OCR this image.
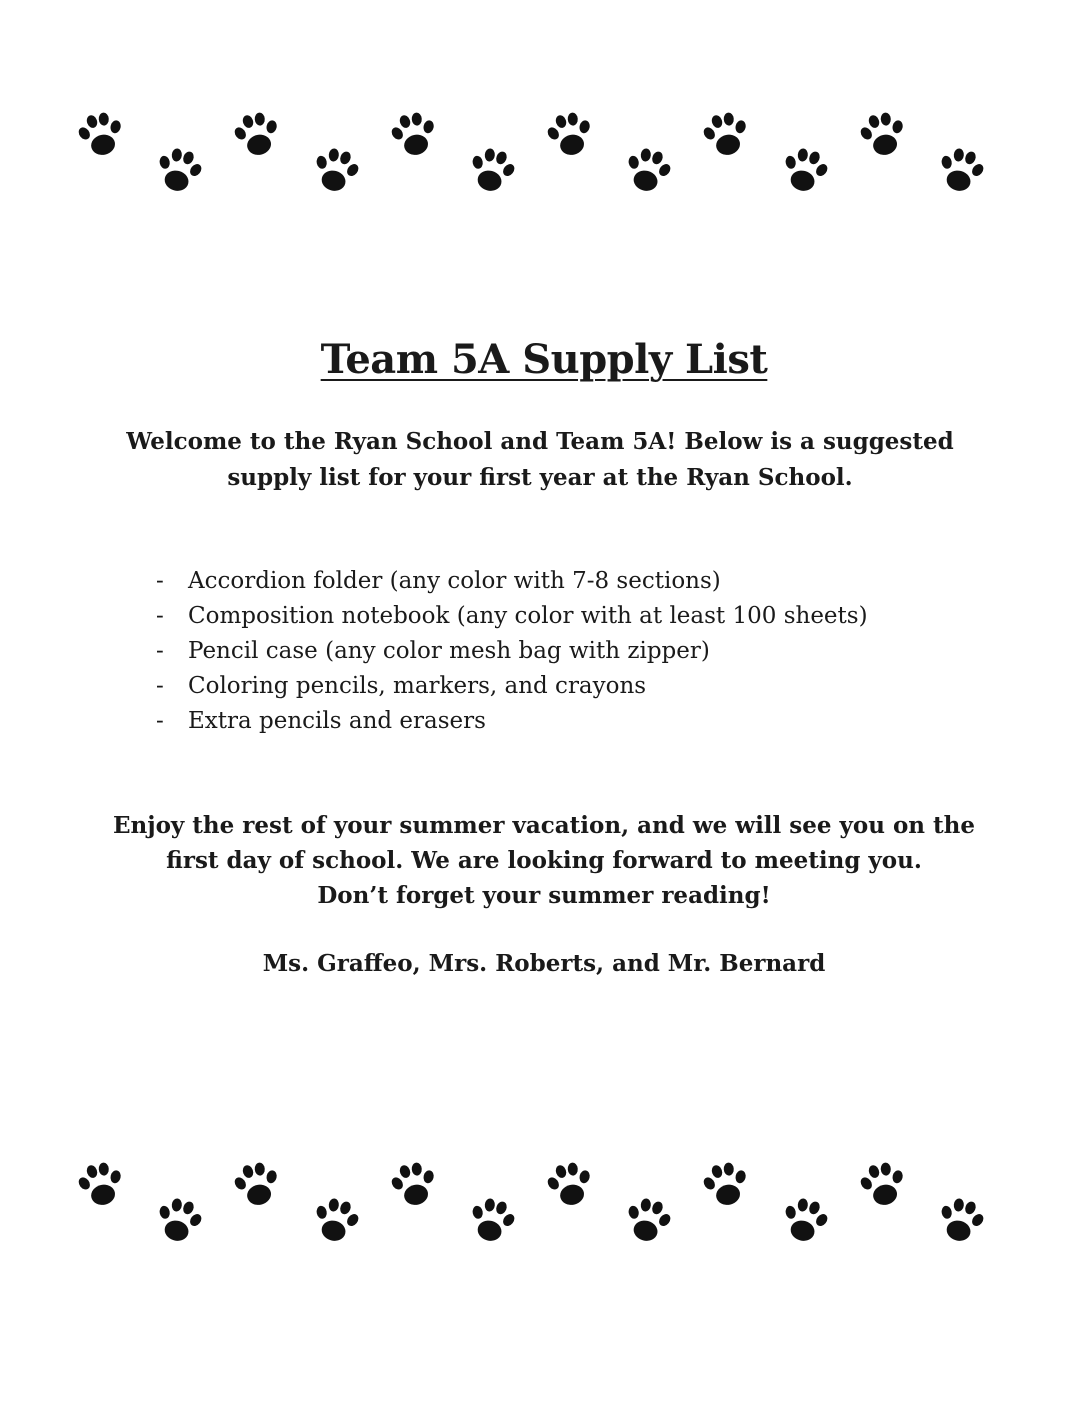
Team 5A Supply List

Welcome to the Ryan School and Team 5A! Below is a suggested supply list for your first year at the Ryan School.

- Accordion folder (any color with 7-8 sections)
- Composition notebook (any color with at least 100 sheets)
- Pencil case (any color mesh bag with zipper)
- Coloring pencils, markers, and crayons
- Extra pencils and erasers

Enjoy the rest of your summer vacation, and we will see you on the
first day of school. We are looking forward to meeting you.
Don’t forget your summer reading!

Ms. Graffeo, Mrs. Roberts, and Mr. Bernard
